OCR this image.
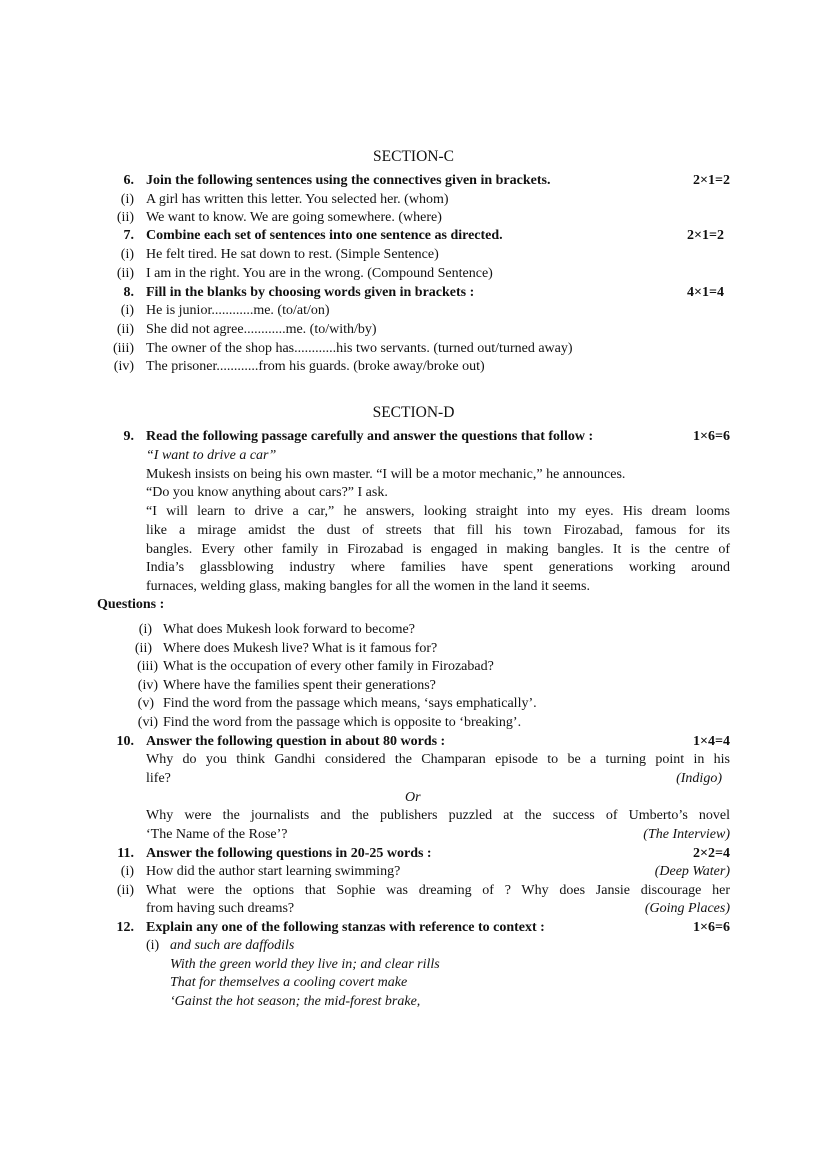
SECTION-C
6. Join the following sentences using the connectives given in brackets.	2×1=2
(i) A girl has written this letter. You selected her. (whom)
(ii) We want to know. We are going somewhere. (where)
7. Combine each set of sentences into one sentence as directed.	2×1=2
(i) He felt tired. He sat down to rest. (Simple Sentence)
(ii) I am in the right. You are in the wrong. (Compound Sentence)
8. Fill in the blanks by choosing words given in brackets :	4×1=4
(i) He is junior............me. (to/at/on)
(ii) She did not agree............me. (to/with/by)
(iii) The owner of the shop has............his two servants. (turned out/turned away)
(iv) The prisoner............from his guards. (broke away/broke out)
SECTION-D
9. Read the following passage carefully and answer the questions that follow :	1×6=6
“I want to drive a car”
Mukesh insists on being his own master. “I will be a motor mechanic,” he announces.
“Do you know anything about cars?” I ask.
“I will learn to drive a car,” he answers, looking straight into my eyes. His dream looms
like a mirage amidst the dust of streets that fill his town Firozabad, famous for its
bangles. Every other family in Firozabad is engaged in making bangles. It is the centre of
India’s glassblowing industry where families have spent generations working around
furnaces, welding glass, making bangles for all the women in the land it seems.
Questions :
(i) What does Mukesh look forward to become?
(ii) Where does Mukesh live? What is it famous for?
(iii) What is the occupation of every other family in Firozabad?
(iv) Where have the families spent their generations?
(v) Find the word from the passage which means, ‘says emphatically’.
(vi) Find the word from the passage which is opposite to ‘breaking’.
10. Answer the following question in about 80 words :	1×4=4
Why do you think Gandhi considered the Champaran episode to be a turning point in his
life?	(Indigo)
Or
Why were the journalists and the publishers puzzled at the success of Umberto’s novel
‘The Name of the Rose’?	(The Interview)
11. Answer the following questions in 20-25 words :	2×2=4
(i) How did the author start learning swimming?	(Deep Water)
(ii) What were the options that Sophie was dreaming of ? Why does Jansie discourage her
from having such dreams?	(Going Places)
12. Explain any one of the following stanzas with reference to context :	1×6=6
(i) and such are daffodils
With the green world they live in; and clear rills
That for themselves a cooling covert make
‘Gainst the hot season; the mid-forest brake,
